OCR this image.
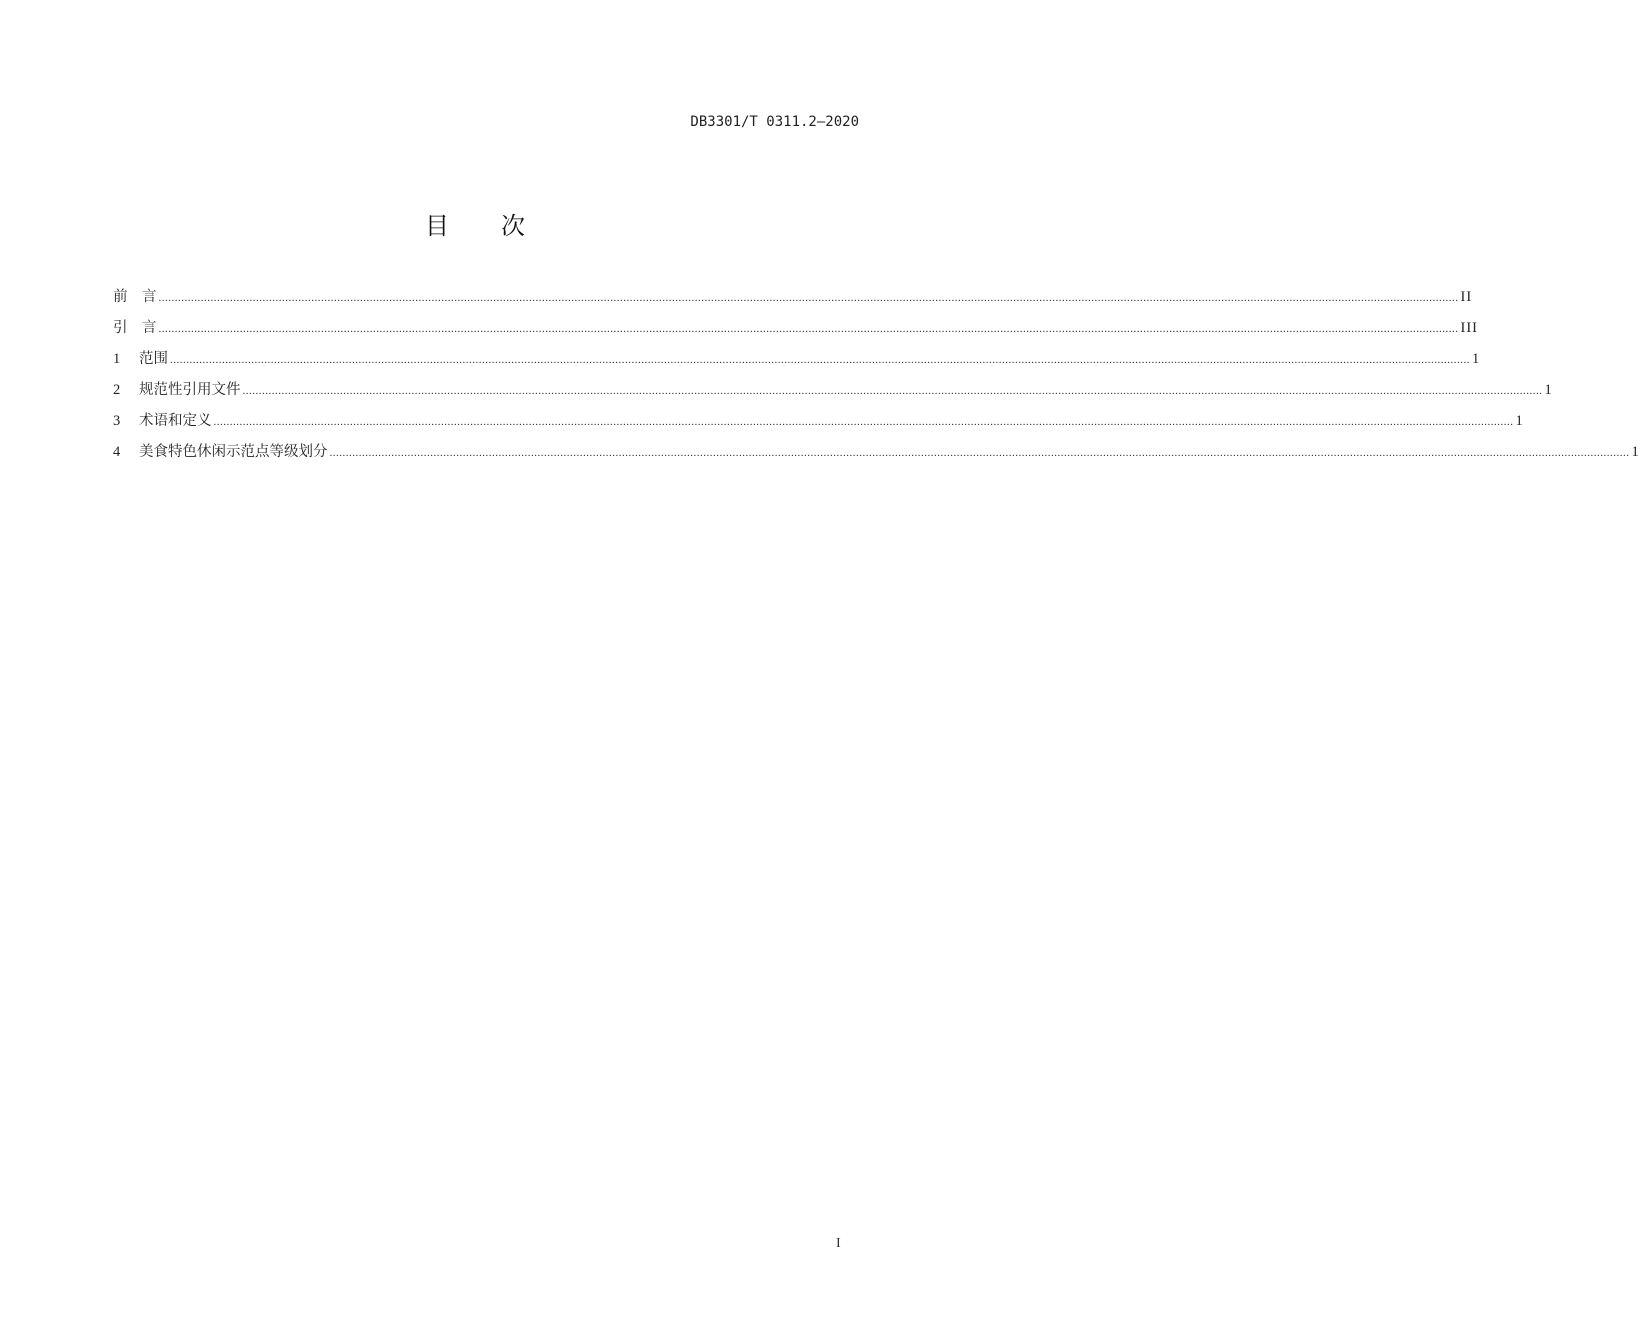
DB3301/T 0311.2—2020
目 次
前    言 ................................................................................................................................................................................................................................................................................................................................................................................................................ II
引    言 ................................................................................................................................................................................................................................................................................................................................................................................................................ III
1	范围 ................................................................................................................................................................................................................................................................................................................................................................................................................ 1
2	规范性引用文件 ................................................................................................................................................................................................................................................................................................................................................................................................................ 1
3	术语和定义 ................................................................................................................................................................................................................................................................................................................................................................................................................ 1
4	美食特色休闲示范点等级划分 ................................................................................................................................................................................................................................................................................................................................................................................................................ 1
I
